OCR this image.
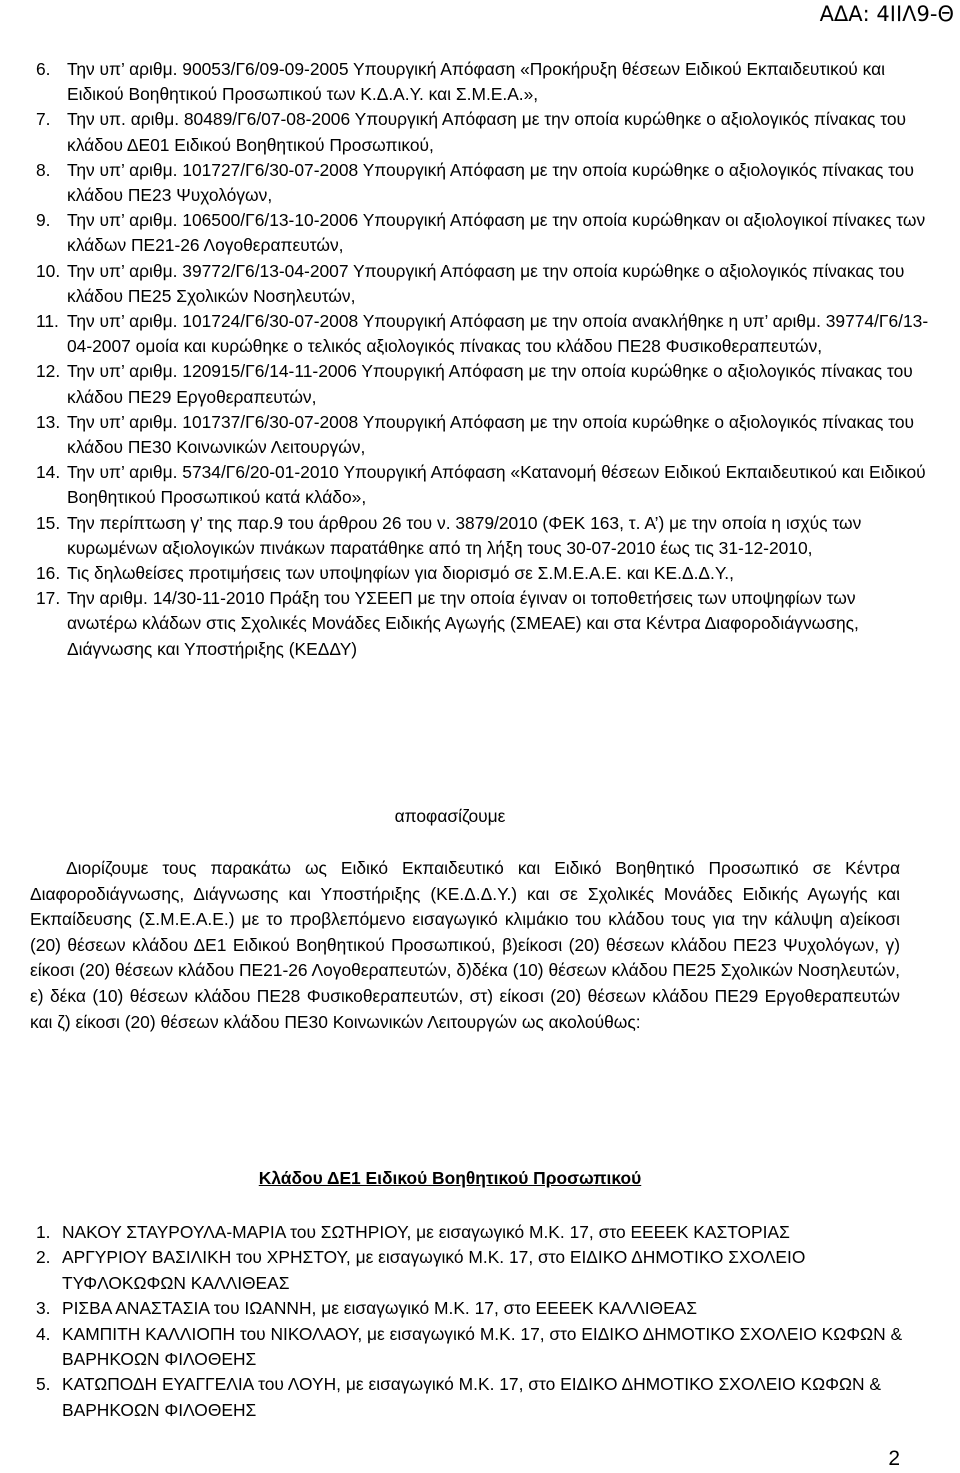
ΑΔΑ: 4ΙΙΛ9-Θ
6. Την υπ’ αριθμ. 90053/Γ6/09-09-2005 Υπουργική Απόφαση «Προκήρυξη θέσεων Ειδικού Εκπαιδευτικού και Ειδικού Βοηθητικού Προσωπικού των Κ.Δ.Α.Υ. και Σ.Μ.Ε.Α.»,
7. Την υπ. αριθμ. 80489/Γ6/07-08-2006 Υπουργική Απόφαση με την οποία κυρώθηκε ο αξιολογικός πίνακας του κλάδου ΔΕ01 Ειδικού Βοηθητικού Προσωπικού,
8. Την υπ’ αριθμ. 101727/Γ6/30-07-2008 Υπουργική Απόφαση με την οποία κυρώθηκε ο αξιολογικός πίνακας του κλάδου ΠΕ23 Ψυχολόγων,
9. Την υπ’ αριθμ. 106500/Γ6/13-10-2006 Υπουργική Απόφαση με την οποία κυρώθηκαν οι αξιολογικοί πίνακες των κλάδων ΠΕ21-26 Λογοθεραπευτών,
10. Την υπ’ αριθμ. 39772/Γ6/13-04-2007 Υπουργική Απόφαση με την οποία κυρώθηκε ο αξιολογικός πίνακας του κλάδου ΠΕ25 Σχολικών Νοσηλευτών,
11. Την υπ’ αριθμ. 101724/Γ6/30-07-2008 Υπουργική Απόφαση με την οποία ανακλήθηκε η υπ’ αριθμ. 39774/Γ6/13-04-2007 ομοία και κυρώθηκε ο τελικός αξιολογικός πίνακας του κλάδου ΠΕ28 Φυσικοθεραπευτών,
12. Την υπ’ αριθμ. 120915/Γ6/14-11-2006 Υπουργική Απόφαση με την οποία κυρώθηκε ο αξιολογικός πίνακας του κλάδου ΠΕ29 Εργοθεραπευτών,
13. Την υπ’ αριθμ. 101737/Γ6/30-07-2008 Υπουργική Απόφαση με την οποία κυρώθηκε ο αξιολογικός πίνακας του κλάδου ΠΕ30 Κοινωνικών Λειτουργών,
14. Την υπ’ αριθμ. 5734/Γ6/20-01-2010 Υπουργική Απόφαση «Κατανομή θέσεων Ειδικού Εκπαιδευτικού και Ειδικού Βοηθητικού Προσωπικού κατά κλάδο»,
15. Την περίπτωση γ’ της παρ.9 του άρθρου 26 του ν. 3879/2010 (ΦΕΚ 163, τ. Α’) με την οποία η ισχύς των κυρωμένων αξιολογικών πινάκων παρατάθηκε από τη λήξη τους 30-07-2010 έως τις 31-12-2010,
16. Τις δηλωθείσες προτιμήσεις των υποψηφίων για διορισμό σε Σ.Μ.Ε.Α.Ε. και ΚΕ.Δ.Δ.Υ.,
17. Την αριθμ. 14/30-11-2010 Πράξη του ΥΣΕΕΠ με την οποία έγιναν οι τοποθετήσεις των υποψηφίων των ανωτέρω κλάδων στις Σχολικές Μονάδες Ειδικής Αγωγής (ΣΜΕΑΕ) και στα Κέντρα Διαφοροδιάγνωσης, Διάγνωσης και Υποστήριξης (ΚΕΔΔΥ)
αποφασίζουμε
Διορίζουμε τους παρακάτω ως Ειδικό Εκπαιδευτικό και Ειδικό Βοηθητικό Προσωπικό σε Κέντρα Διαφοροδιάγνωσης, Διάγνωσης και Υποστήριξης (ΚΕ.Δ.Δ.Υ.) και σε Σχολικές Μονάδες Ειδικής Αγωγής και Εκπαίδευσης (Σ.Μ.Ε.Α.Ε.) με το προβλεπόμενο εισαγωγικό κλιμάκιο του κλάδου τους για την κάλυψη α)είκοσι (20) θέσεων κλάδου ΔΕ1 Ειδικού Βοηθητικού Προσωπικού, β)είκοσι (20) θέσεων κλάδου ΠΕ23 Ψυχολόγων, γ) είκοσι (20) θέσεων κλάδου ΠΕ21-26 Λογοθεραπευτών, δ)δέκα (10) θέσεων κλάδου ΠΕ25 Σχολικών Νοσηλευτών, ε) δέκα (10) θέσεων κλάδου ΠΕ28 Φυσικοθεραπευτών, στ) είκοσι (20) θέσεων κλάδου ΠΕ29 Εργοθεραπευτών και ζ) είκοσι (20) θέσεων κλάδου ΠΕ30 Κοινωνικών Λειτουργών ως ακολούθως:
Κλάδου ΔΕ1 Ειδικού Βοηθητικού Προσωπικού
1. ΝΑΚΟΥ ΣΤΑΥΡΟΥΛΑ-ΜΑΡΙΑ του ΣΩΤΗΡΙΟΥ, με εισαγωγικό Μ.Κ. 17, στο ΕΕΕΕΚ ΚΑΣΤΟΡΙΑΣ
2. ΑΡΓΥΡΙΟΥ ΒΑΣΙΛΙΚΗ του ΧΡΗΣΤΟΥ, με εισαγωγικό Μ.Κ. 17, στο ΕΙΔΙΚΟ ΔΗΜΟΤΙΚΟ ΣΧΟΛΕΙΟ ΤΥΦΛΟΚΩΦΩΝ ΚΑΛΛΙΘΕΑΣ
3. ΡΙΣΒΑ ΑΝΑΣΤΑΣΙΑ του ΙΩΑΝΝΗ, με εισαγωγικό Μ.Κ. 17, στο ΕΕΕΕΚ ΚΑΛΛΙΘΕΑΣ
4. ΚΑΜΠΙΤΗ ΚΑΛΛΙΟΠΗ του ΝΙΚΟΛΑΟΥ, με εισαγωγικό Μ.Κ. 17, στο ΕΙΔΙΚΟ ΔΗΜΟΤΙΚΟ ΣΧΟΛΕΙΟ ΚΩΦΩΝ & ΒΑΡΗΚΟΩΝ ΦΙΛΟΘΕΗΣ
5. ΚΑΤΩΠΟΔΗ ΕΥΑΓΓΕΛΙΑ του ΛΟΥΗ, με εισαγωγικό Μ.Κ. 17, στο ΕΙΔΙΚΟ ΔΗΜΟΤΙΚΟ ΣΧΟΛΕΙΟ ΚΩΦΩΝ & ΒΑΡΗΚΟΩΝ ΦΙΛΟΘΕΗΣ
2
